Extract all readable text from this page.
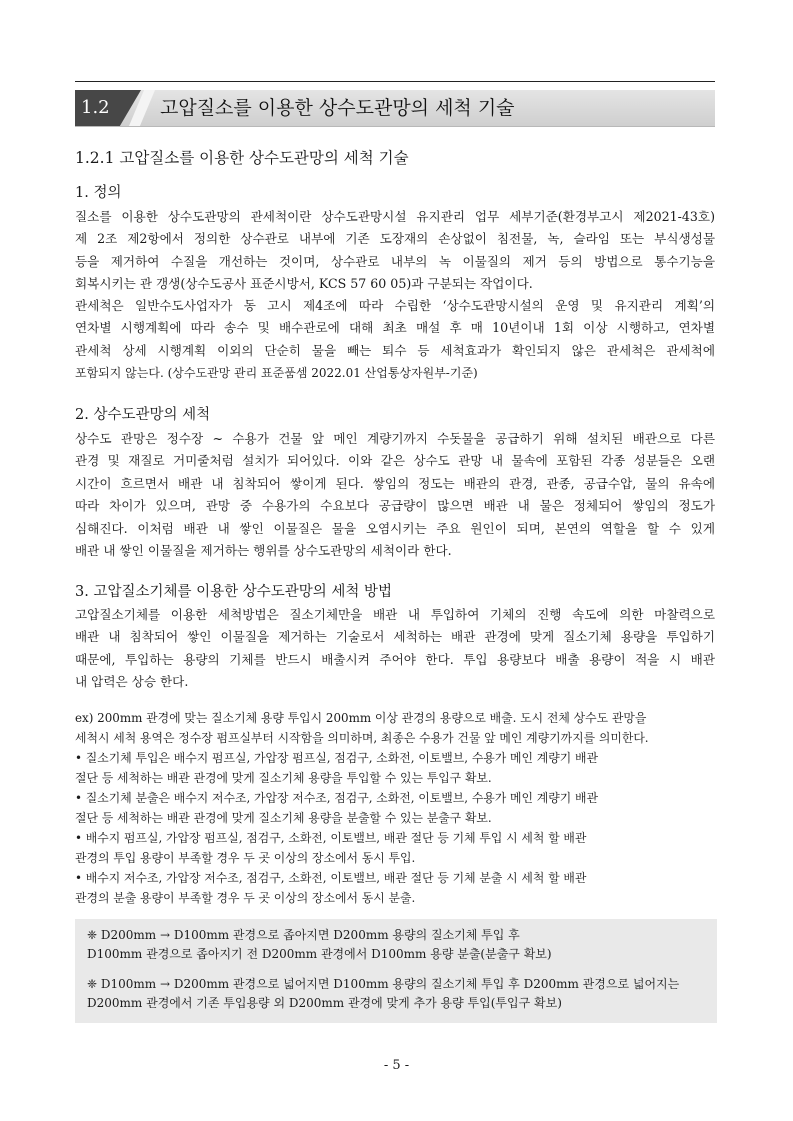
1.2	고압질소를 이용한 상수도관망의 세척 기술
1.2.1 고압질소를 이용한 상수도관망의 세척 기술
1. 정의
질소를 이용한 상수도관망의 관세척이란 상수도관망시설 유지관리 업무 세부기준(환경부고시 제2021-43호)
제 2조 제2항에서 정의한 상수관로 내부에 기존 도장재의 손상없이 침전물, 녹, 슬라임 또는 부식생성물
등을 제거하여 수질을 개선하는 것이며, 상수관로 내부의 녹 이물질의 제거 등의 방법으로 통수기능을
회복시키는 관 갱생(상수도공사 표준시방서, KCS 57 60 05)과 구분되는 작업이다.
관세척은 일반수도사업자가 동 고시 제4조에 따라 수립한 ‘상수도관망시설의 운영 및 유지관리 계획’의
연차별 시행계획에 따라 송수 및 배수관로에 대해 최초 매설 후 매 10년이내 1회 이상 시행하고, 연차별
관세척 상세 시행계획 이외의 단순히 물을 빼는 퇴수 등 세척효과가 확인되지 않은 관세척은 관세척에
포함되지 않는다. (상수도관망 관리 표준품셈 2022.01 산업통상자원부-기준)
2. 상수도관망의 세척
상수도 관망은 정수장 ~ 수용가 건물 앞 메인 계량기까지 수돗물을 공급하기 위해 설치된 배관으로 다른
관경 및 재질로 거미줄처럼 설치가 되어있다. 이와 같은 상수도 관망 내 물속에 포함된 각종 성분들은 오랜
시간이 흐르면서 배관 내 침착되어 쌓이게 된다. 쌓임의 정도는 배관의 관경, 관종, 공급수압, 물의 유속에
따라 차이가 있으며, 관망 중 수용가의 수요보다 공급량이 많으면 배관 내 물은 정체되어 쌓임의 정도가
심해진다. 이처럼 배관 내 쌓인 이물질은 물을 오염시키는 주요 원인이 되며, 본연의 역할을 할 수 있게
배관 내 쌓인 이물질을 제거하는 행위를 상수도관망의 세척이라 한다.
3. 고압질소기체를 이용한 상수도관망의 세척 방법
고압질소기체를 이용한 세척방법은 질소기체만을 배관 내 투입하여 기체의 진행 속도에 의한 마찰력으로
배관 내 침착되어 쌓인 이물질을 제거하는 기술로서 세척하는 배관 관경에 맞게 질소기체 용량을 투입하기
때문에, 투입하는 용량의 기체를 반드시 배출시켜 주어야 한다. 투입 용량보다 배출 용량이 적을 시 배관
내 압력은 상승 한다.
ex) 200mm 관경에 맞는 질소기체 용량 투입시 200mm 이상 관경의 용량으로 배출. 도시 전체 상수도 관망을
세척시 세척 용역은 정수장 펌프실부터 시작함을 의미하며, 최종은 수용가 건물 앞 메인 계량기까지를 의미한다.
• 질소기체 투입은 배수지 펌프실, 가압장 펌프실, 점검구, 소화전, 이토밸브, 수용가 메인 계량기 배관
절단 등 세척하는 배관 관경에 맞게 질소기체 용량을 투입할 수 있는 투입구 확보.
• 질소기체 분출은 배수지 저수조, 가압장 저수조, 점검구, 소화전, 이토밸브, 수용가 메인 계량기 배관
절단 등 세척하는 배관 관경에 맞게 질소기체 용량을 분출할 수 있는 분출구 확보.
• 배수지 펌프실, 가압장 펌프실, 점검구, 소화전, 이토밸브, 배관 절단 등 기체 투입 시 세척 할 배관
관경의 투입 용량이 부족할 경우 두 곳 이상의 장소에서 동시 투입.
• 배수지 저수조, 가압장 저수조, 점검구, 소화전, 이토밸브, 배관 절단 등 기체 분출 시 세척 할 배관
관경의 분출 용량이 부족할 경우 두 곳 이상의 장소에서 동시 분출.
❈ D200mm → D100mm 관경으로 좁아지면 D200mm 용량의 질소기체 투입 후
D100mm 관경으로 좁아지기 전 D200mm 관경에서 D100mm 용량 분출(분출구 확보)
❈ D100mm → D200mm 관경으로 넓어지면 D100mm 용량의 질소기체 투입 후 D200mm 관경으로 넓어지는
D200mm 관경에서 기존 투입용량 외 D200mm 관경에 맞게 추가 용량 투입(투입구 확보)
- 5 -
